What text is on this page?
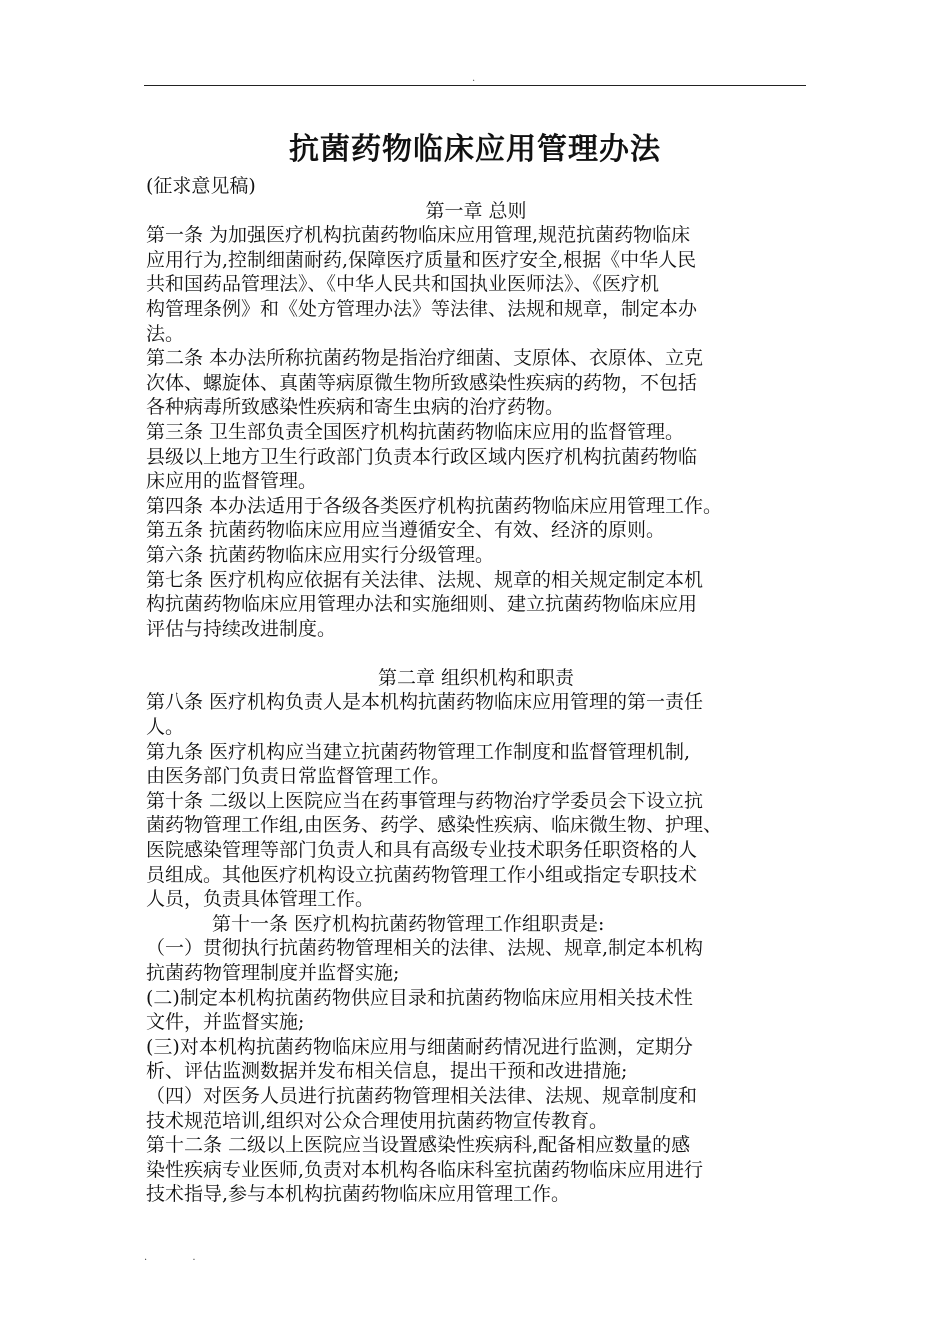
.
抗菌药物临床应用管理办法
(征求意见稿)
第一章 总则
第一条 为加强医疗机构抗菌药物临床应用管理,规范抗菌药物临床
应用行为,控制细菌耐药,保障医疗质量和医疗安全,根据《中华人民
共和国药品管理法》、《中华人民共和国执业医师法》、《医疗机
构管理条例》和《处方管理办法》等法律、法规和规章，制定本办
法。
第二条 本办法所称抗菌药物是指治疗细菌、支原体、衣原体、立克
次体、螺旋体、真菌等病原微生物所致感染性疾病的药物，不包括
各种病毒所致感染性疾病和寄生虫病的治疗药物。
第三条 卫生部负责全国医疗机构抗菌药物临床应用的监督管理。
县级以上地方卫生行政部门负责本行政区域内医疗机构抗菌药物临
床应用的监督管理。
第四条 本办法适用于各级各类医疗机构抗菌药物临床应用管理工作。
第五条 抗菌药物临床应用应当遵循安全、有效、经济的原则。
第六条 抗菌药物临床应用实行分级管理。
第七条 医疗机构应依据有关法律、法规、规章的相关规定制定本机
构抗菌药物临床应用管理办法和实施细则、建立抗菌药物临床应用
评估与持续改进制度。
第二章 组织机构和职责
第八条 医疗机构负责人是本机构抗菌药物临床应用管理的第一责任
人。
第九条 医疗机构应当建立抗菌药物管理工作制度和监督管理机制,
由医务部门负责日常监督管理工作。
第十条 二级以上医院应当在药事管理与药物治疗学委员会下设立抗
菌药物管理工作组,由医务、药学、感染性疾病、临床微生物、护理、
医院感染管理等部门负责人和具有高级专业技术职务任职资格的人
员组成。其他医疗机构设立抗菌药物管理工作小组或指定专职技术
人员，负责具体管理工作。
第十一条 医疗机构抗菌药物管理工作组职责是:
（一）贯彻执行抗菌药物管理相关的法律、法规、规章,制定本机构
抗菌药物管理制度并监督实施;
(二)制定本机构抗菌药物供应目录和抗菌药物临床应用相关技术性
文件，并监督实施;
(三)对本机构抗菌药物临床应用与细菌耐药情况进行监测，定期分
析、评估监测数据并发布相关信息，提出干预和改进措施;
（四）对医务人员进行抗菌药物管理相关法律、法规、规章制度和
技术规范培训,组织对公众合理使用抗菌药物宣传教育。
第十二条 二级以上医院应当设置感染性疾病科,配备相应数量的感
染性疾病专业医师,负责对本机构各临床科室抗菌药物临床应用进行
技术指导,参与本机构抗菌药物临床应用管理工作。
.	.
